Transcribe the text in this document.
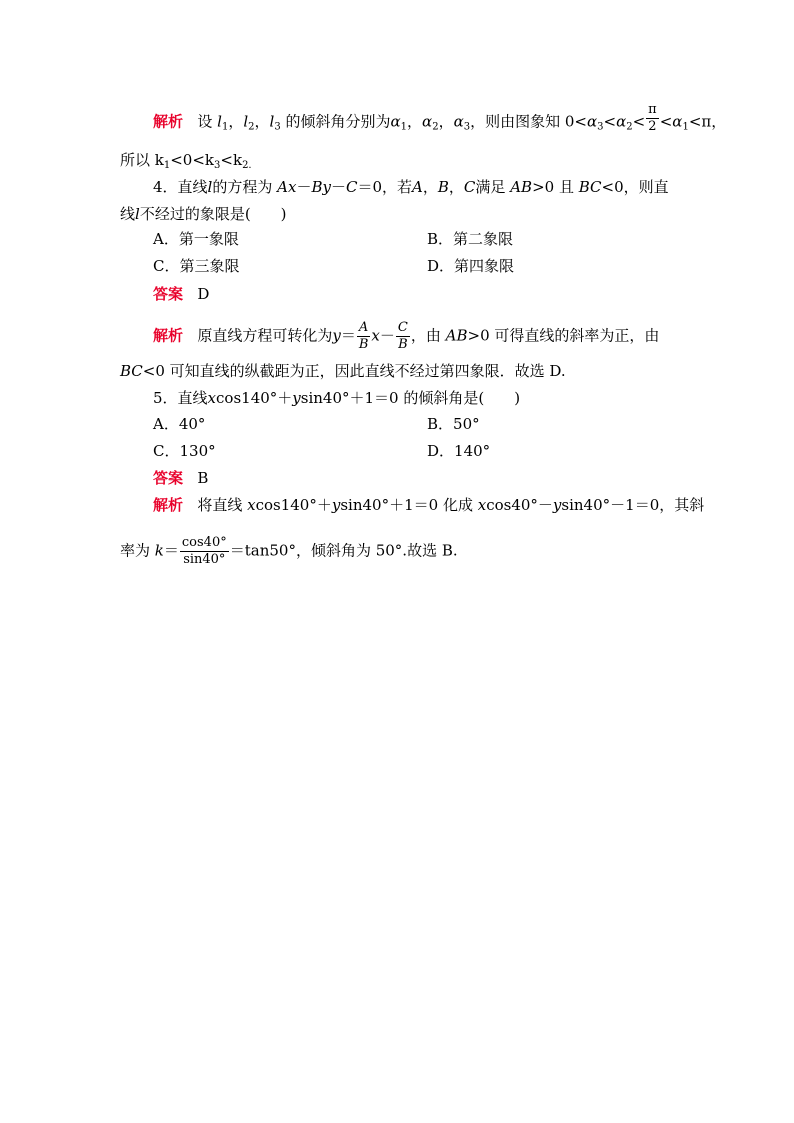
解析 设 $l_1$，$l_2$，$l_3$ 的倾斜角分别为$\alpha_1$，$\alpha_2$，$\alpha_3$，则由图象知 $0<\alpha_3<\alpha_2< \frac{\pi}{2} <\alpha_1<\pi$，
所以 $k_1<0<k_3<k_{2.}$
4．直线l的方程为 Ax－By－C＝0，若A，B，C满足 AB>0 且 BC<0，则直
线l不经过的象限是(　　)
A．第一象限	B．第二象限
C．第三象限	D．第四象限
答案 D
解析 原直线方程可转化为$y= \frac{A}{B} x- \frac{C}{B}$ ，由 AB>0 可得直线的斜率为正，由
BC<0 可知直线的纵截距为正，因此直线不经过第四象限．故选 D.
5．直线xcos140°＋ysin40°＋1＝0 的倾斜角是(　　)
A．40°	B．50°
C．130°	D．140°
答案 B
解析 将直线 xcos140°＋ysin40°＋1＝0 化成 xcos40°－ysin40°－1＝0，其斜
率为 $k= \frac{\cos 40^\circ}{\sin 40^\circ} =\tan 50^\circ$，倾斜角为 50°.故选 B.
